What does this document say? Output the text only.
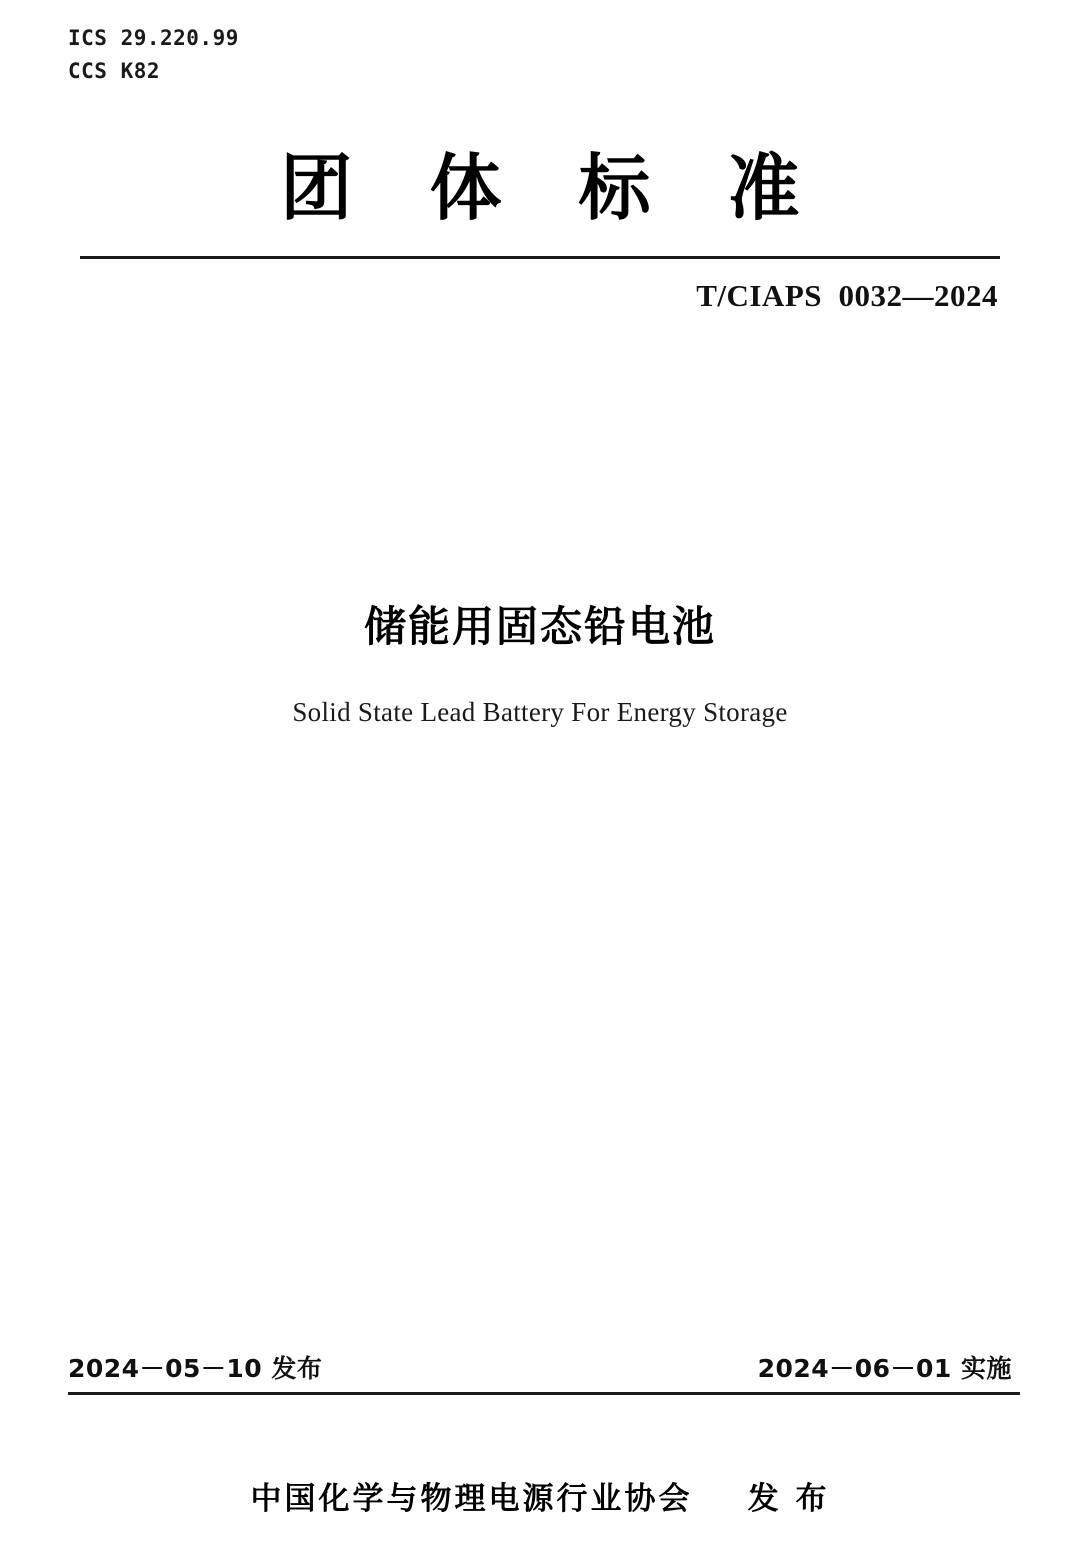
ICS 29.220.99
CCS K82
团 体 标 准
T/CIAPS  0032—2024
储能用固态铅电池
Solid State Lead Battery For Energy Storage
2024－05－10 发布	2024－06－01 实施
中国化学与物理电源行业协会    发 布
